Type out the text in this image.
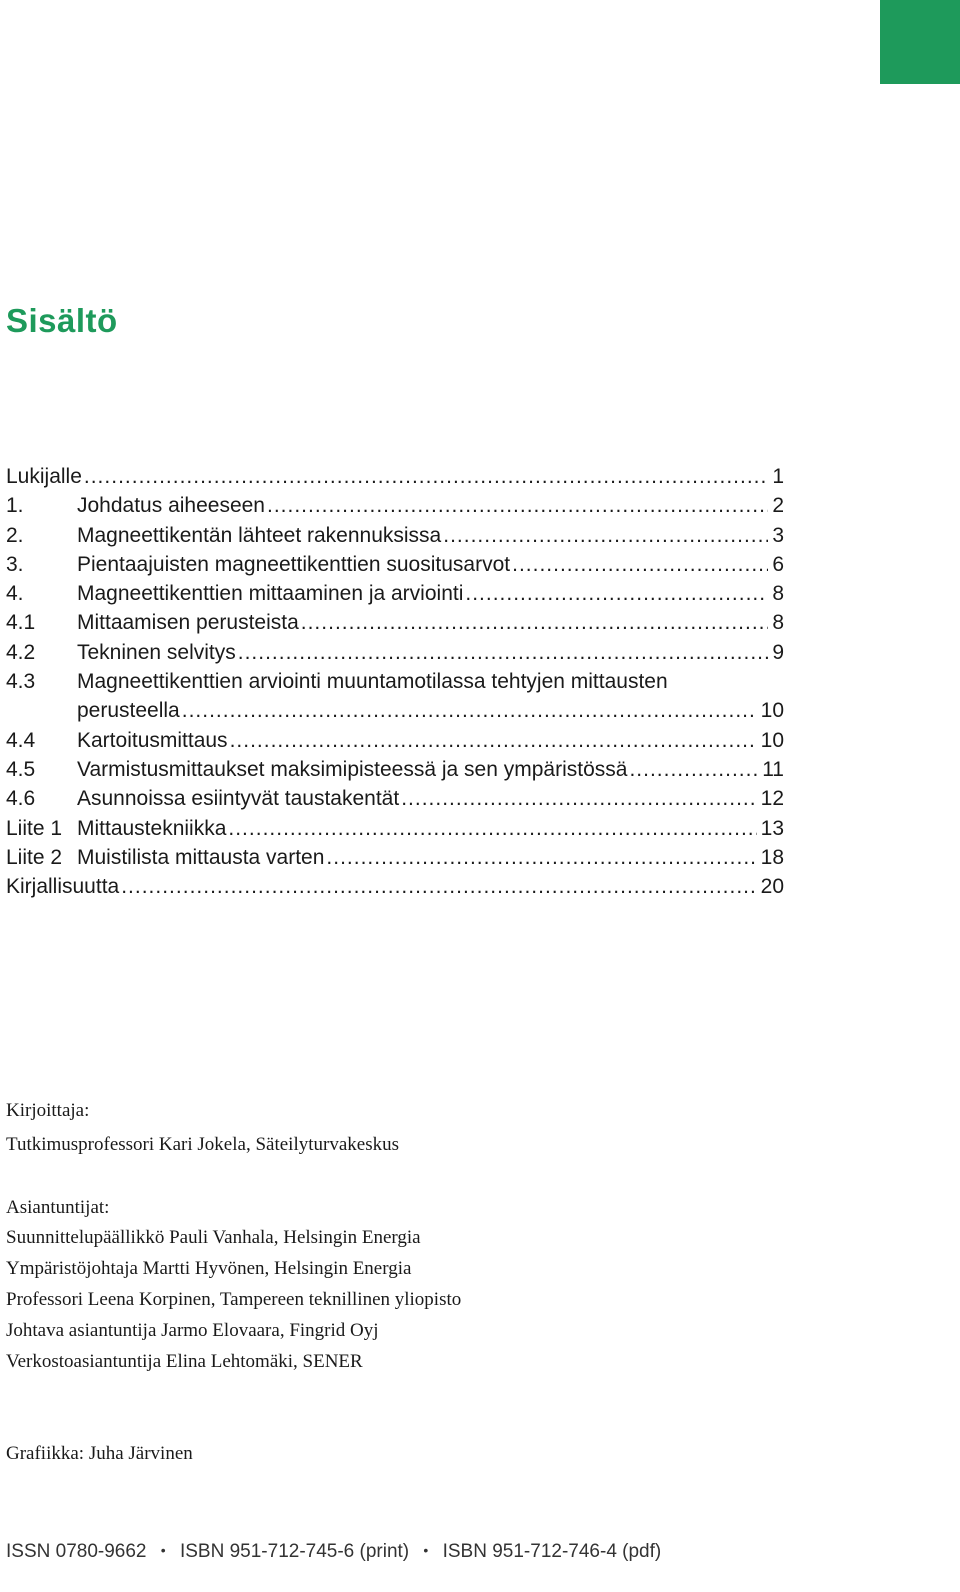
Sisältö
Lukijalle .....	1
1.	Johdatus aiheeseen .....	2
2.	Magneettikentän lähteet rakennuksissa .....	3
3.	Pientaajuisten magneettikenttien suositusarvot .....	6
4.	Magneettikenttien mittaaminen ja arviointi .....	8
4.1	Mittaamisen perusteista .....	8
4.2	Tekninen selvitys .....	9
4.3	Magneettikenttien arviointi muuntamotilassa tehtyjen mittausten
perusteella .....	10
4.4	Kartoitusmittaus .....	10
4.5	Varmistusmittaukset maksimipisteessä ja sen ympäristössä .....	11
4.6	Asunnoissa esiintyvät taustakentät .....	12
Liite 1 Mittaustekniikka .....	13
Liite 2 Muistilista mittausta varten .....	18
Kirjallisuutta .....	20
Kirjoittaja:
Tutkimusprofessori Kari Jokela, Säteilyturvakeskus
Asiantuntijat:
Suunnittelupäällikkö Pauli Vanhala, Helsingin Energia
Ympäristöjohtaja Martti Hyvönen, Helsingin Energia
Professori Leena Korpinen, Tampereen teknillinen yliopisto
Johtava asiantuntija Jarmo Elovaara, Fingrid Oyj
Verkostoasiantuntija Elina Lehtomäki, SENER
Grafiikka: Juha Järvinen
ISSN 0780-9662 • ISBN 951-712-745-6 (print) • ISBN 951-712-746-4 (pdf)
